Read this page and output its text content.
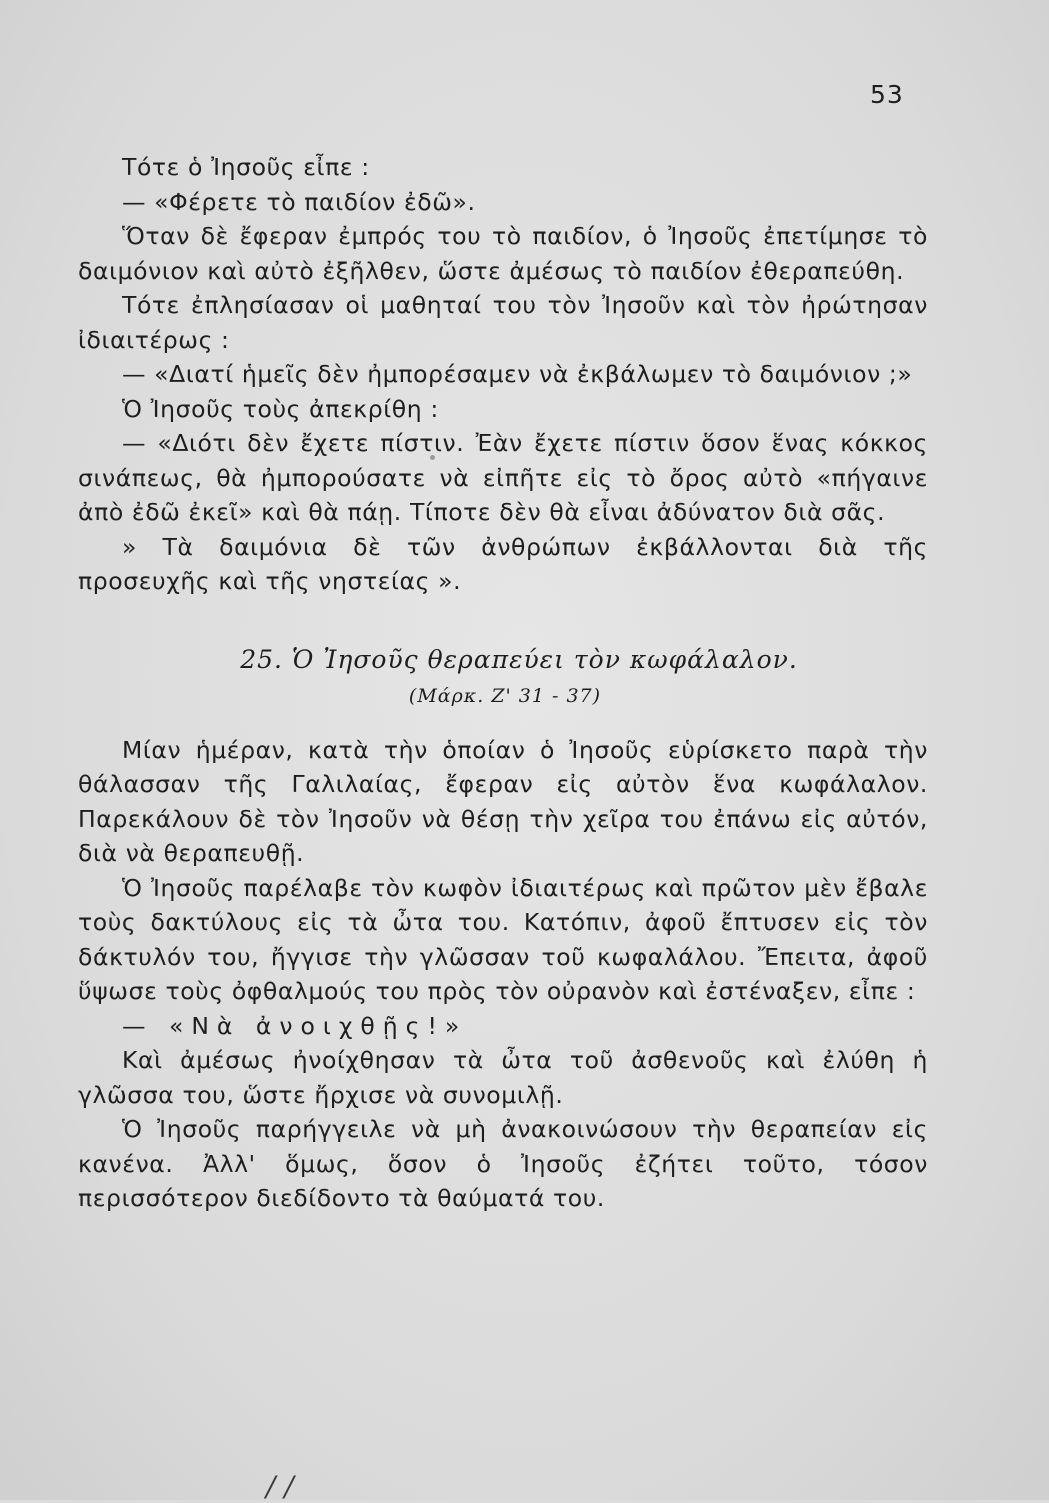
53

Τότε ὁ Ἰησοῦς εἶπε :

— «Φέρετε τὸ παιδίον ἐδῶ».

Ὅταν δὲ ἔφεραν ἐμπρός του τὸ παιδίον, ὁ Ἰησοῦς ἐπετίμησε τὸ δαιμόνιον καὶ αὐτὸ ἐξῆλθεν, ὥστε ἀμέσως τὸ παιδίον ἐθεραπεύθη.

Τότε ἐπλησίασαν οἱ μαθηταί του τὸν Ἰησοῦν καὶ τὸν ἠρώτησαν ἰδιαιτέρως :

— «Διατί ἡμεῖς δὲν ἠμπορέσαμεν νὰ ἐκβάλωμεν τὸ δαιμόνιον ;»

Ὁ Ἰησοῦς τοὺς ἀπεκρίθη :

— «Διότι δὲν ἔχετε πίστιν. Ἐὰν ἔχετε πίστιν ὅσον ἕνας κόκκος σινάπεως, θὰ ἠμπορούσατε νὰ εἰπῆτε εἰς τὸ ὄρος αὐτὸ «πήγαινε ἀπὸ ἐδῶ ἐκεῖ» καὶ θὰ πάῃ. Τίποτε δὲν θὰ εἶναι ἀδύνατον διὰ σᾶς.

» Τὰ δαιμόνια δὲ τῶν ἀνθρώπων ἐκβάλλονται διὰ τῆς προσευχῆς καὶ τῆς νηστείας ».

25. Ὁ Ἰησοῦς θεραπεύει τὸν κωφάλαλον.
(Μάρκ. Ζ' 31 - 37)

Μίαν ἡμέραν, κατὰ τὴν ὁποίαν ὁ Ἰησοῦς εὑρίσκετο παρὰ τὴν θάλασσαν τῆς Γαλιλαίας, ἔφεραν εἰς αὐτὸν ἕνα κωφάλαλον. Παρεκάλουν δὲ τὸν Ἰησοῦν νὰ θέσῃ τὴν χεῖρα του ἐπάνω εἰς αὐτόν, διὰ νὰ θεραπευθῇ.

Ὁ Ἰησοῦς παρέλαβε τὸν κωφὸν ἰδιαιτέρως καὶ πρῶτον μὲν ἔβαλε τοὺς δακτύλους εἰς τὰ ὦτα του. Κατόπιν, ἀφοῦ ἔπτυσεν εἰς τὸν δάκτυλόν του, ἤγγισε τὴν γλῶσσαν τοῦ κωφαλάλου. Ἔπειτα, ἀφοῦ ὕψωσε τοὺς ὀφθαλμούς του πρὸς τὸν οὐρανὸν καὶ ἐστέναξεν, εἶπε :

— «Νὰ ἀνοιχθῇς!»

Καὶ ἀμέσως ἠνοίχθησαν τὰ ὦτα τοῦ ἀσθενοῦς καὶ ἐλύθη ἡ γλῶσσα του, ὥστε ἤρχισε νὰ συνομιλῇ.

Ὁ Ἰησοῦς παρήγγειλε νὰ μὴ ἀνακοινώσουν τὴν θεραπείαν εἰς κανένα. Ἀλλ' ὅμως, ὅσον ὁ Ἰησοῦς ἐζήτει τοῦτο, τόσον περισσότερον διεδίδοντο τὰ θαύματά του.

/ /
